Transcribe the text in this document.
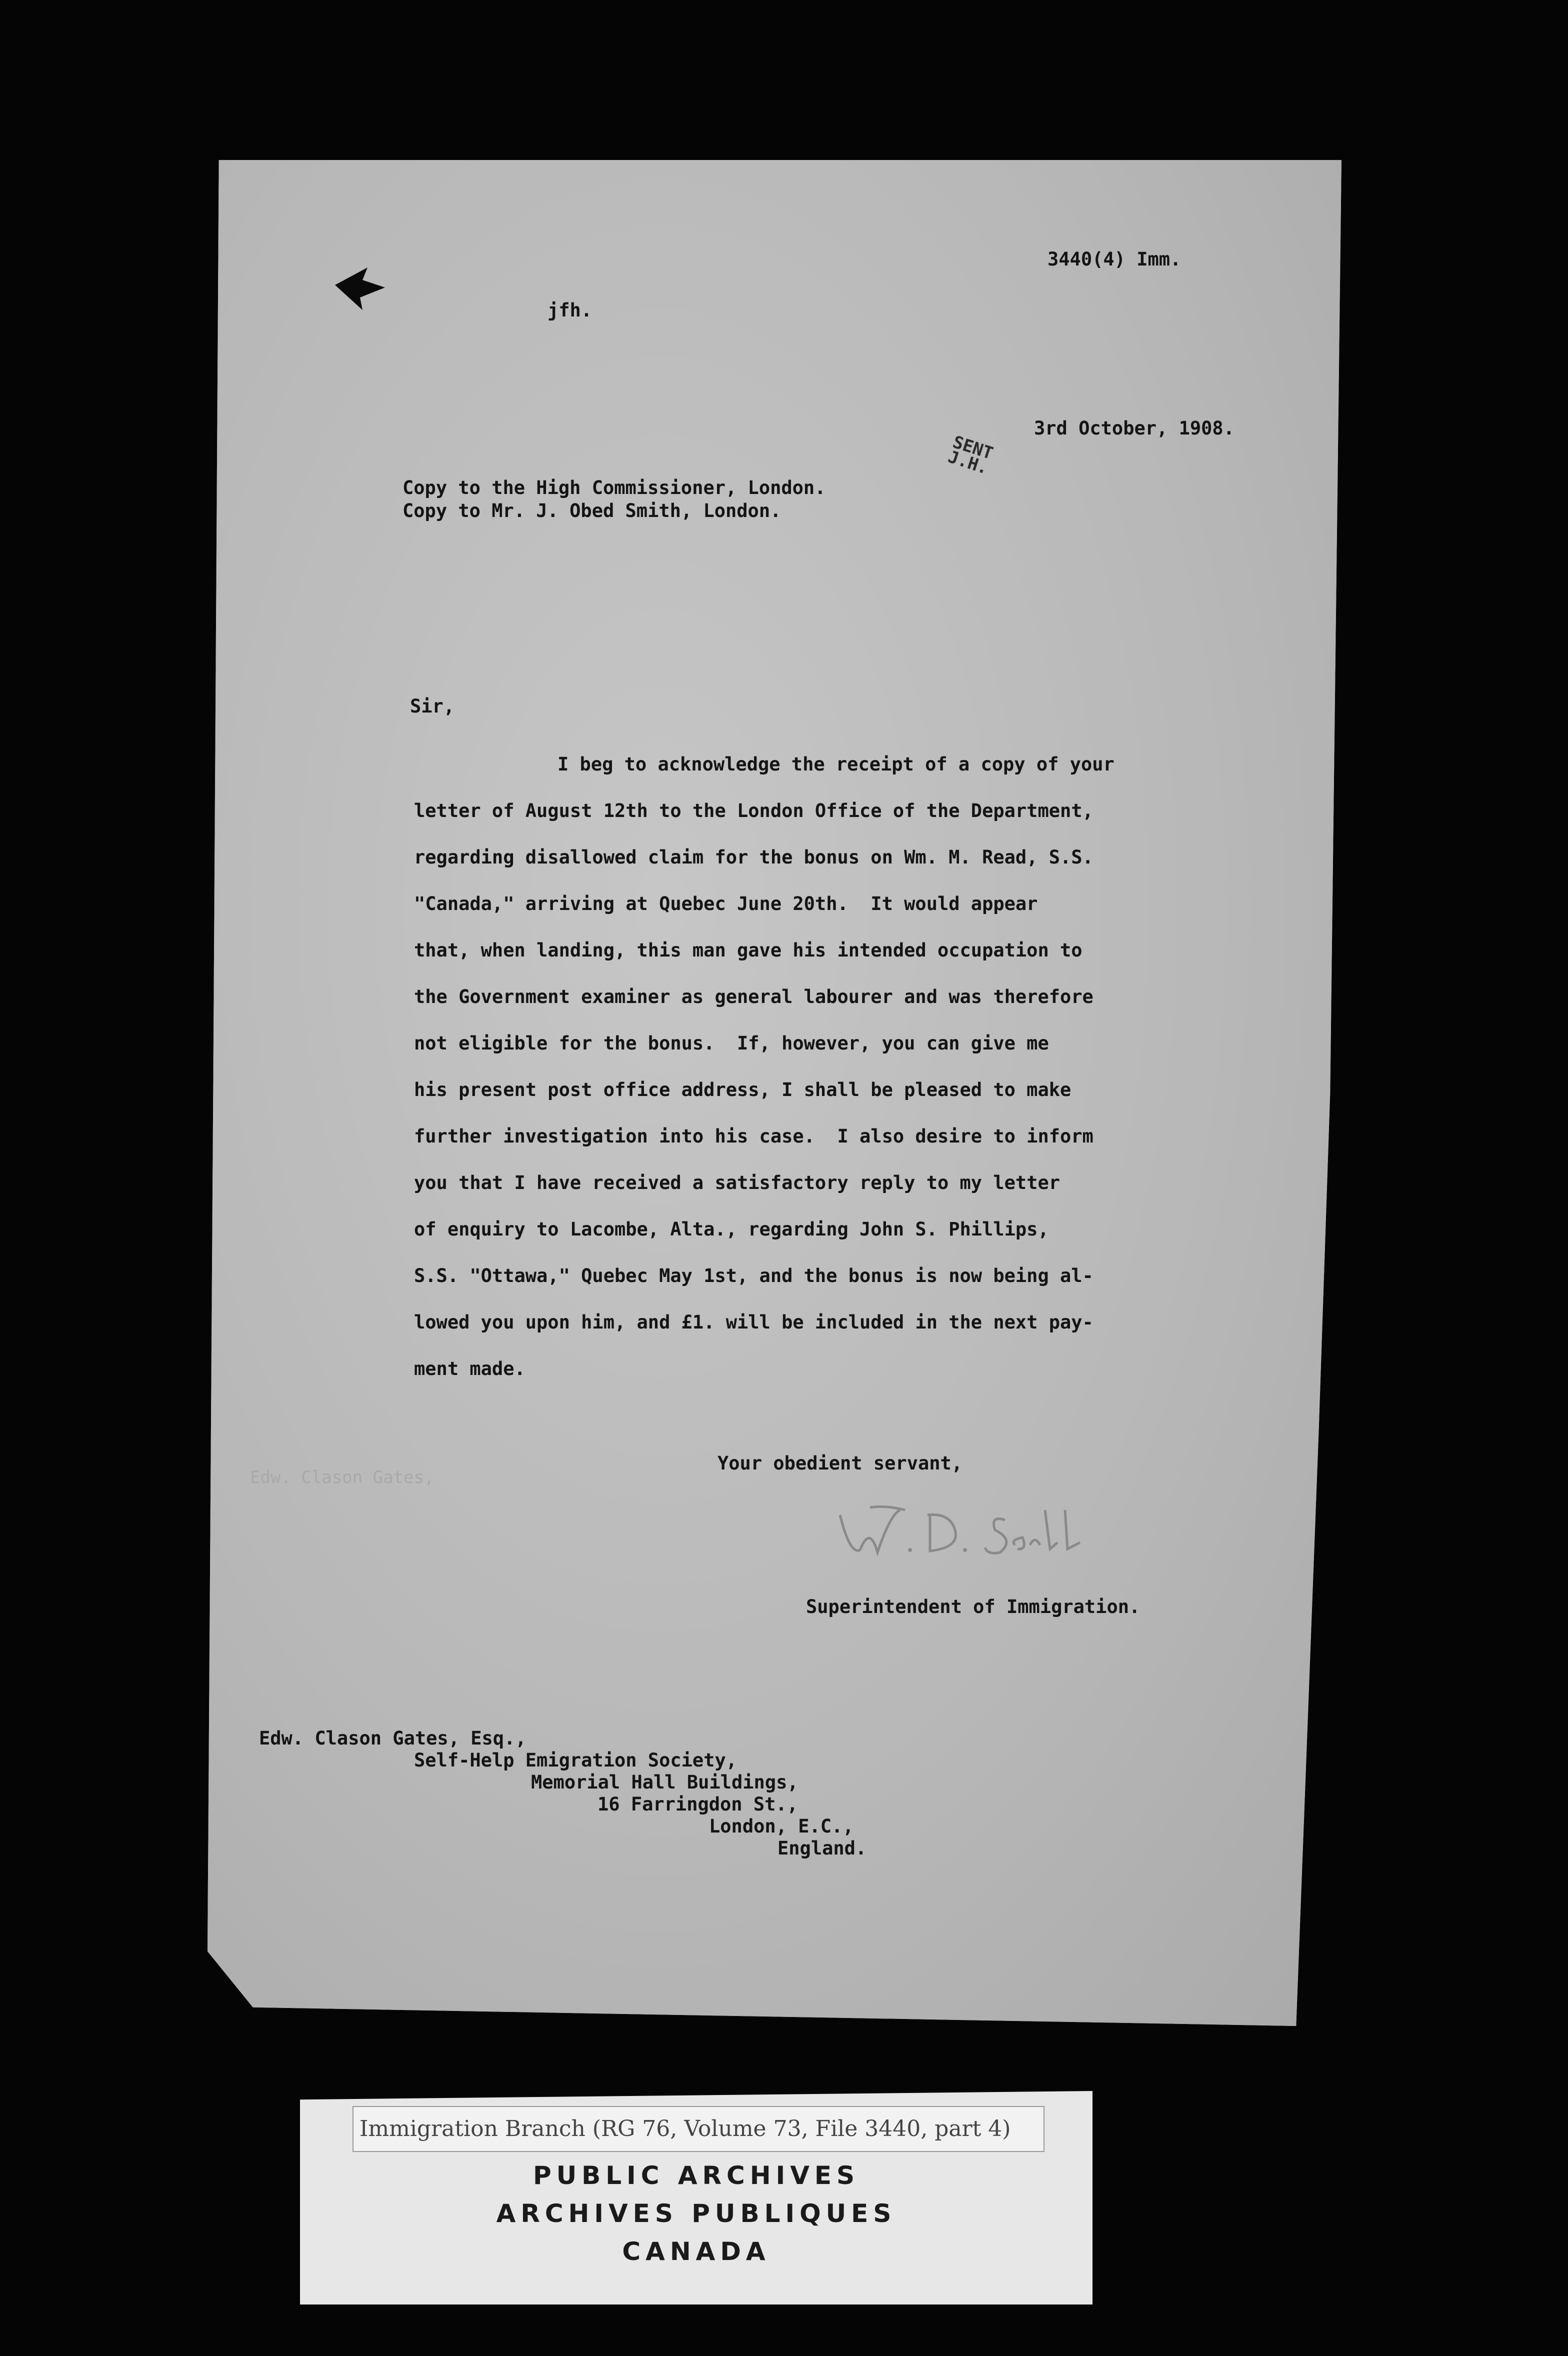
3440(4) Imm.
jfh.
3rd October, 1908.
SENT
J.H.
Copy to the High Commissioner, London.
Copy to Mr. J. Obed Smith, London.
Sir,
I beg to acknowledge the receipt of a copy of your
letter of August 12th to the London Office of the Department,
regarding disallowed claim for the bonus on Wm. M. Read, S.S.
"Canada," arriving at Quebec June 20th.  It would appear
that, when landing, this man gave his intended occupation to
the Government examiner as general labourer and was therefore
not eligible for the bonus.  If, however, you can give me
his present post office address, I shall be pleased to make
further investigation into his case.  I also desire to inform
you that I have received a satisfactory reply to my letter
of enquiry to Lacombe, Alta., regarding John S. Phillips,
S.S. "Ottawa," Quebec May 1st, and the bonus is now being al-
lowed you upon him, and £1. will be included in the next pay-
ment made.
Edw. Clason Gates,
Your obedient servant,
Superintendent of Immigration.
Edw. Clason Gates, Esq.,
Self-Help Emigration Society,
Memorial Hall Buildings,
16 Farringdon St.,
London, E.C.,
England.
Immigration Branch (RG 76, Volume 73, File 3440, part 4)
PUBLIC ARCHIVES
ARCHIVES PUBLIQUES
CANADA
